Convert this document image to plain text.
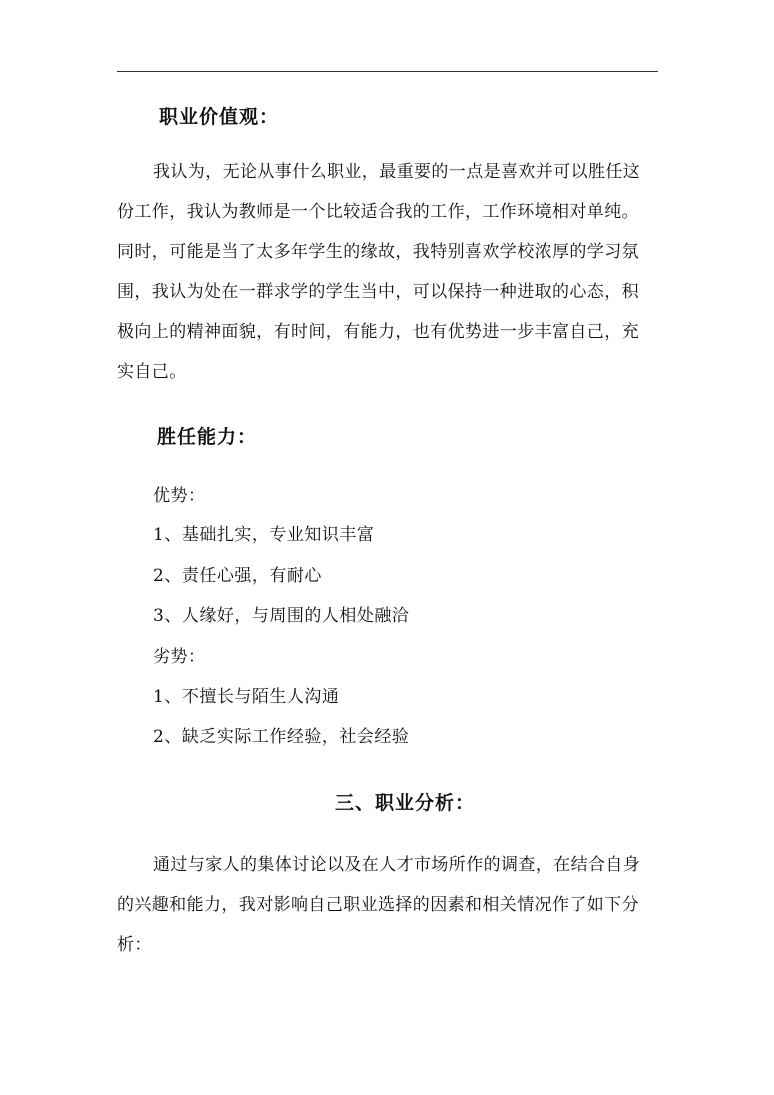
职业价值观：
我认为，无论从事什么职业，最重要的一点是喜欢并可以胜任这
份工作，我认为教师是一个比较适合我的工作，工作环境相对单纯。
同时，可能是当了太多年学生的缘故，我特别喜欢学校浓厚的学习氛
围，我认为处在一群求学的学生当中，可以保持一种进取的心态，积
极向上的精神面貌，有时间，有能力，也有优势进一步丰富自己，充
实自己。
胜任能力：
优势：
1、基础扎实，专业知识丰富
2、责任心强，有耐心
3、人缘好，与周围的人相处融洽
劣势：
1、不擅长与陌生人沟通
2、缺乏实际工作经验，社会经验
三、职业分析：
通过与家人的集体讨论以及在人才市场所作的调查，在结合自身
的兴趣和能力，我对影响自己职业选择的因素和相关情况作了如下分
析：
